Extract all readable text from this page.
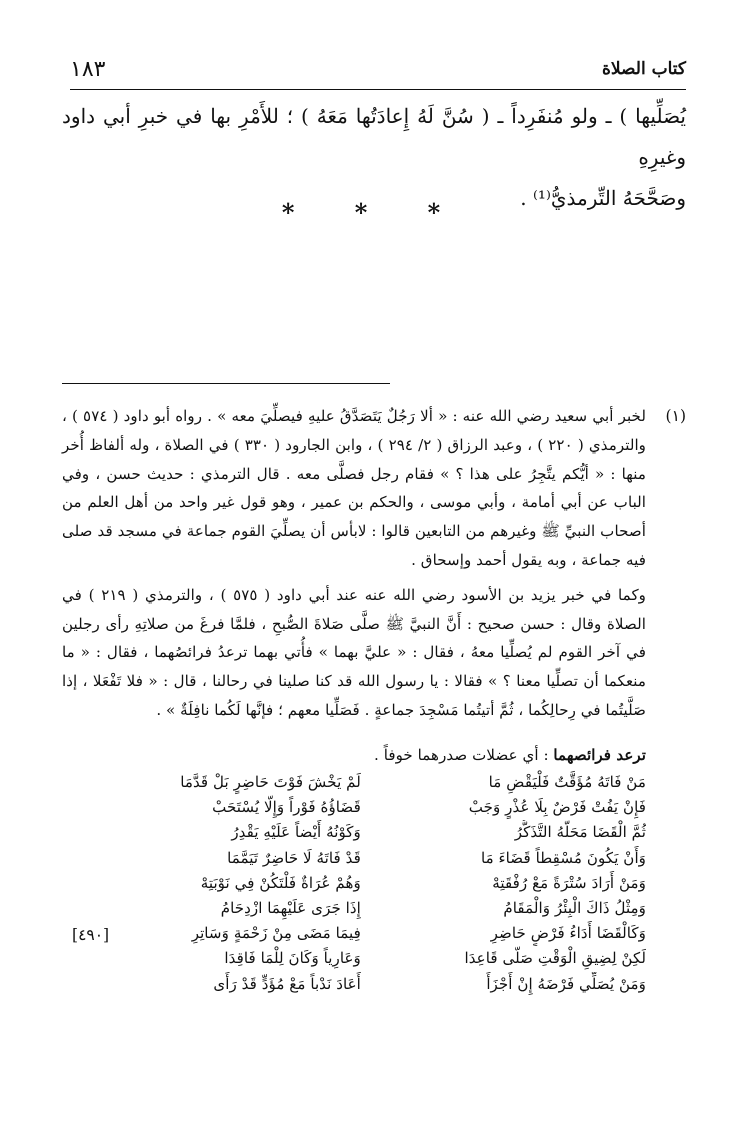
كتاب الصلاة
١٨٣

يُصَلِّيها ) ـ ولو مُنفَرِداً ـ ( سُنَّ لَهُ إِعادَتُها مَعَهُ ) ؛ للأَمْرِ بها في خبرِ أبي داود وغيرِهِ

وصَحَّحَهُ التِّرمذيُّ⁽¹⁾ .

* * *
(١)

لخبر أبي سعيد رضي الله عنه : « ألا رَجُلٌ يَتَصَدَّقُ عليهِ فيصلِّيَ معه » . رواه أبو داود ( ٥٧٤ ) ، والترمذي ( ٢٢٠ ) ، وعبد الرزاق ( ٢/ ٢٩٤ ) ، وابن الجارود ( ٣٣٠ ) في الصلاة ، وله ألفاظ أُخر منها : « أيُّكم يتَّجِرُ على هذا ؟ » فقام رجل فصلَّى معه . قال الترمذي : حديث حسن ، وفي الباب عن أبي أمامة ، وأبي موسى ، والحكم بن عمير ، وهو قول غير واحد من أهل العلم من أصحاب النبيِّ ﷺ وغيرهم من التابعين قالوا : لابأس أن يصلِّيَ القوم جماعة في مسجد قد صلى فيه جماعة ، وبه يقول أحمد وإسحاق .

وكما في خبر يزيد بن الأسود رضي الله عنه عند أبي داود ( ٥٧٥ ) ، والترمذي ( ٢١٩ ) في الصلاة وقال : حسن صحيح : أَنَّ النبيَّ ﷺ صلَّى صَلاةَ الصُّبحِ ، فلمَّا فرغَ من صلاتِهِ رأى رجلين في آخر القوم لم يُصلِّيا معهُ ، فقال : « عليَّ بهما » فأُتي بهما ترعدُ فرائصُهما ، فقال : « ما منعكما أن تصلِّيا معنا ؟ » فقالا : يا رسول الله قد كنا صلينا في رحالنا ، قال : « فلا تَفْعَلا ، إذا صَلَّيتُما في رِحالِكُما ، ثُمَّ أتيتُما مَسْجِدَ جماعةٍ . فَصَلِّيا معهم ؛ فإنَّها لَكُما نافِلَةٌ » .

ترعد فرائصهما : أي عضلات صدرهما خوفاً .
مَنْ فَاتَهُ مُؤَقَّتٌ فَلْيَقْضِ مَا
لَمْ يَخْشَ فَوْتَ حَاضِرٍ بَلْ قَدَّمَا
فَإِنْ يَفُتْ فَرْضٌ بِلَا عُذْرٍ وَجَبْ
قَضَاؤُهُ فَوْراً وَإِلَّا يُسْتَحَبْ
ثُمَّ الْقَضَا مَحَلُّهُ التَّذَكُّرُ
وَكَوْنُهُ أَيْضاً عَلَيْهِ يَقْدِرُ
وَأَنْ يَكُونَ مُسْقِطاً قَضَاءَ مَا
قَدْ فَاتَهُ لَا حَاضِرٌ تَيَمَّمَا
وَمَنْ أَرَادَ سُتْرَةً مَعْ رُفْقَتِهْ
وَهُمْ عُرَاةٌ فَلْتَكُنْ فِي نَوْبَتِهْ
وَمِثْلُ ذَاكَ الْبِئْرُ وَالْمَقَامُ
إِذَا جَرَى عَلَيْهِمَا ازْدِحَامُ
وَكَالْقَضَا أَدَاءُ فَرْضٍ حَاضِرِ
فِيمَا مَضَى مِنْ زَحْمَةٍ وَسَاتِرِ
لَكِنْ لِضِيقِ الْوَقْتِ صَلَّى قَاعِدَا
وَعَارِياً وَكَانَ لِلْمَا فَاقِدَا
وَمَنْ يُصَلِّي فَرْضَهُ إِنْ أَجْزَأَ
أَعَادَ نَدْباً مَعْ مُؤَدٍّ قَدْ رَأَى
[٤٩٠]
